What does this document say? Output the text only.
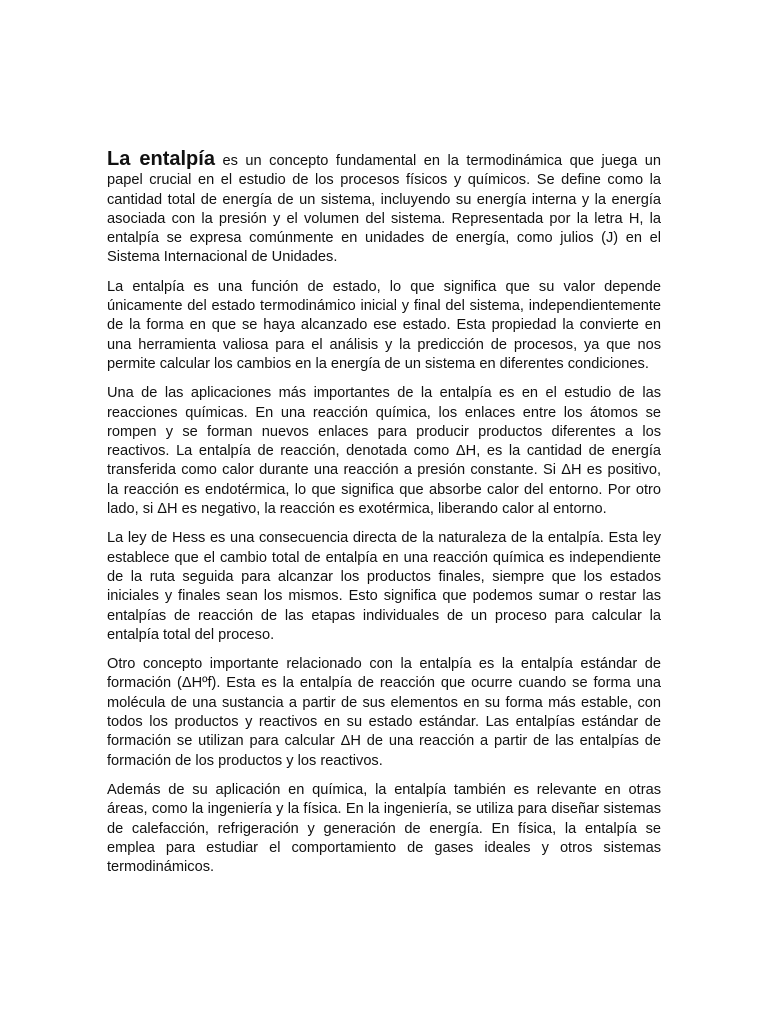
La entalpía es un concepto fundamental en la termodinámica que juega un papel crucial en el estudio de los procesos físicos y químicos. Se define como la cantidad total de energía de un sistema, incluyendo su energía interna y la energía asociada con la presión y el volumen del sistema. Representada por la letra H, la entalpía se expresa comúnmente en unidades de energía, como julios (J) en el Sistema Internacional de Unidades.

La entalpía es una función de estado, lo que significa que su valor depende únicamente del estado termodinámico inicial y final del sistema, independientemente de la forma en que se haya alcanzado ese estado. Esta propiedad la convierte en una herramienta valiosa para el análisis y la predicción de procesos, ya que nos permite calcular los cambios en la energía de un sistema en diferentes condiciones.

Una de las aplicaciones más importantes de la entalpía es en el estudio de las reacciones químicas. En una reacción química, los enlaces entre los átomos se rompen y se forman nuevos enlaces para producir productos diferentes a los reactivos. La entalpía de reacción, denotada como ΔH, es la cantidad de energía transferida como calor durante una reacción a presión constante. Si ΔH es positivo, la reacción es endotérmica, lo que significa que absorbe calor del entorno. Por otro lado, si ΔH es negativo, la reacción es exotérmica, liberando calor al entorno.

La ley de Hess es una consecuencia directa de la naturaleza de la entalpía. Esta ley establece que el cambio total de entalpía en una reacción química es independiente de la ruta seguida para alcanzar los productos finales, siempre que los estados iniciales y finales sean los mismos. Esto significa que podemos sumar o restar las entalpías de reacción de las etapas individuales de un proceso para calcular la entalpía total del proceso.

Otro concepto importante relacionado con la entalpía es la entalpía estándar de formación (ΔHºf). Esta es la entalpía de reacción que ocurre cuando se forma una molécula de una sustancia a partir de sus elementos en su forma más estable, con todos los productos y reactivos en su estado estándar. Las entalpías estándar de formación se utilizan para calcular ΔH de una reacción a partir de las entalpías de formación de los productos y los reactivos.

Además de su aplicación en química, la entalpía también es relevante en otras áreas, como la ingeniería y la física. En la ingeniería, se utiliza para diseñar sistemas de calefacción, refrigeración y generación de energía. En física, la entalpía se emplea para estudiar el comportamiento de gases ideales y otros sistemas termodinámicos.
